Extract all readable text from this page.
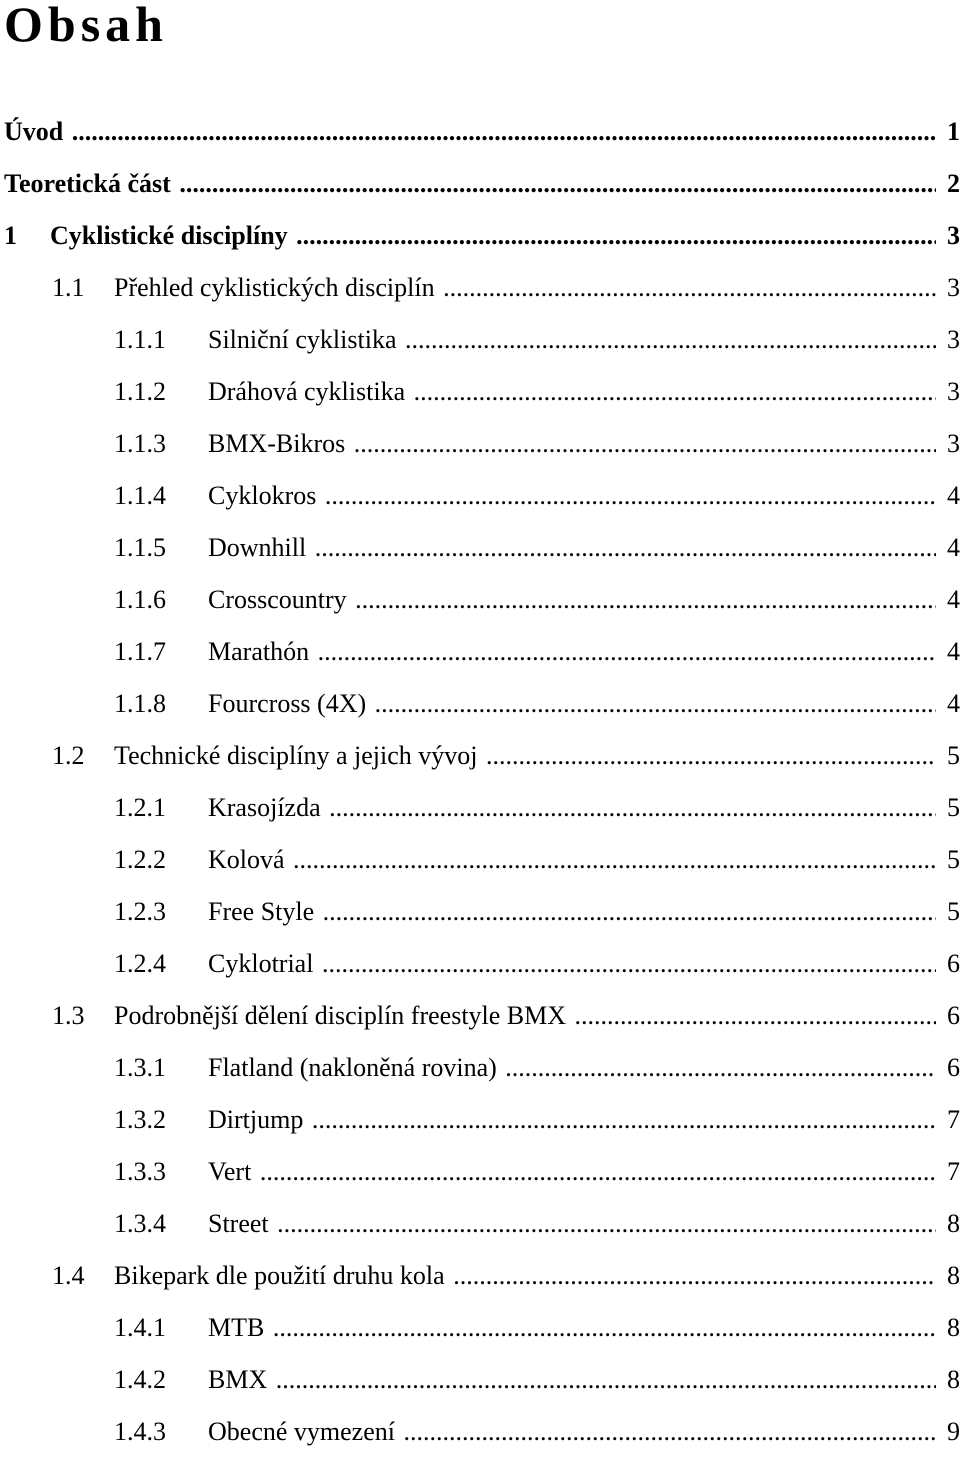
Obsah
Úvod .....	1
Teoretická část .....	2
1 Cyklistické disciplíny .....	3
1.1 Přehled cyklistických disciplín .....	3
1.1.1 Silniční cyklistika .....	3
1.1.2 Dráhová cyklistika .....	3
1.1.3 BMX-Bikros .....	3
1.1.4 Cyklokros .....	4
1.1.5 Downhill .....	4
1.1.6 Crosscountry .....	4
1.1.7 Marathón .....	4
1.1.8 Fourcross (4X) .....	4
1.2 Technické disciplíny a jejich vývoj .....	5
1.2.1 Krasojízda .....	5
1.2.2 Kolová .....	5
1.2.3 Free Style .....	5
1.2.4 Cyklotrial .....	6
1.3 Podrobnější dělení disciplín freestyle BMX .....	6
1.3.1 Flatland (nakloněná rovina) .....	6
1.3.2 Dirtjump .....	7
1.3.3 Vert .....	7
1.3.4 Street .....	8
1.4 Bikepark dle použití druhu kola .....	8
1.4.1 MTB .....	8
1.4.2 BMX .....	8
1.4.3 Obecné vymezení .....	9
